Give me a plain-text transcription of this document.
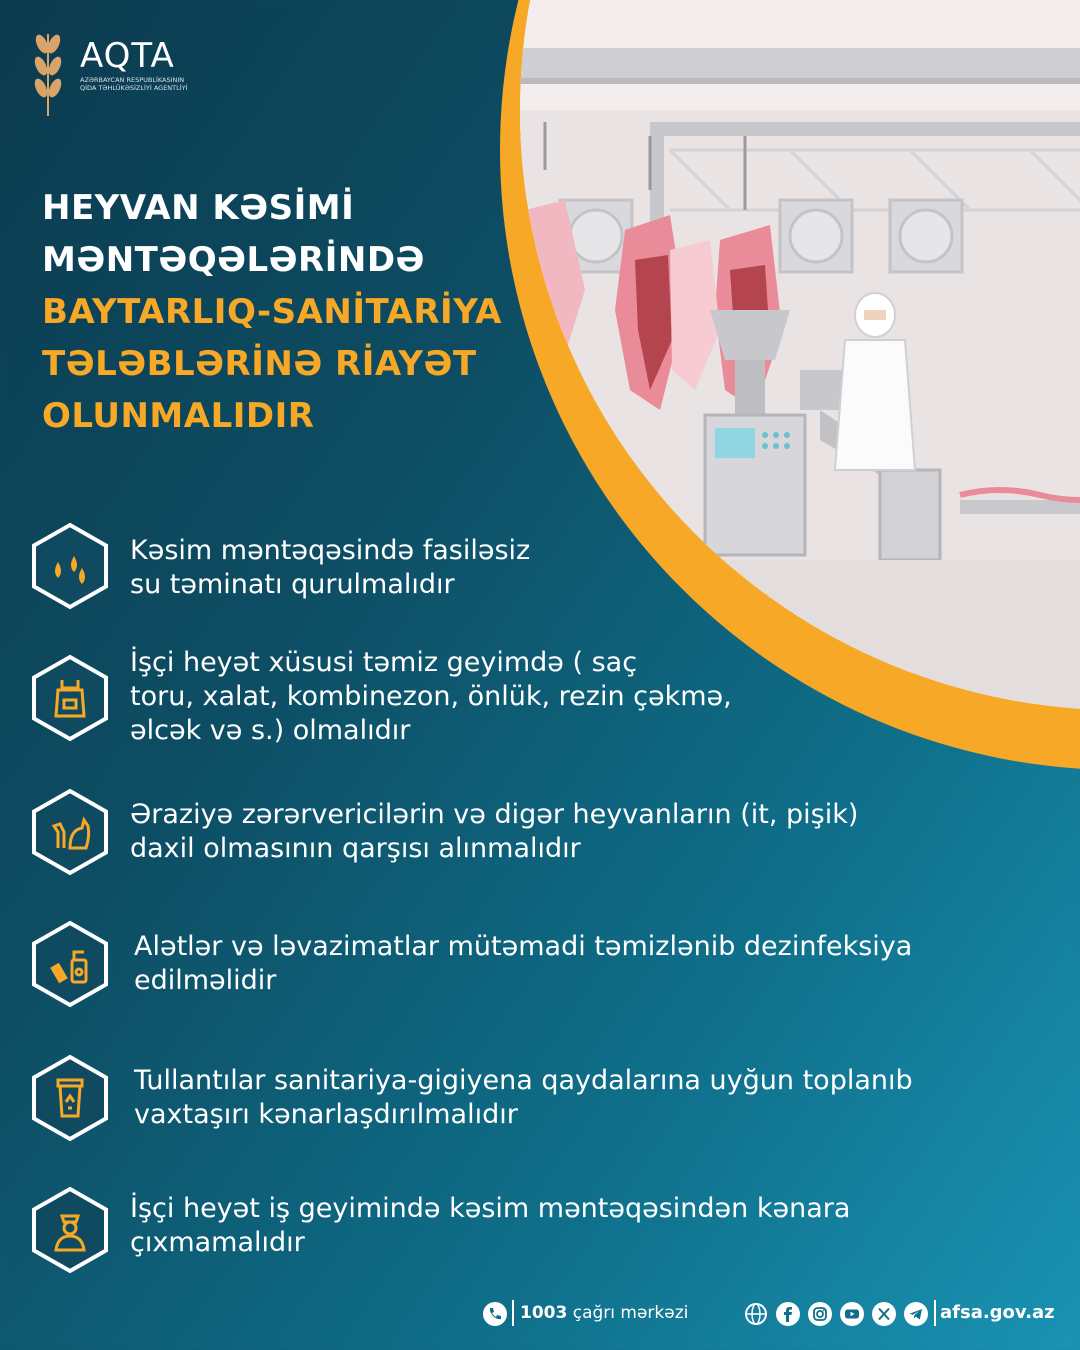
AQTA
AZƏRBAYCAN RESPUBLİKASININ QİDA TƏHLÜKƏSİZLİYİ AGENTLİYİ
HEYVAN KƏSİMİ
MƏNTƏQƏLƏRİNDƏ
BAYTARLIQ-SANİTARİYA
TƏLƏBLƏRİNƏ RİAYƏT
OLUNMALIDIR
Kəsim məntəqəsində fasiləsiz
su təminatı qurulmalıdır
İşçi heyət xüsusi təmiz geyimdə ( saç
toru, xalat, kombinezon, önlük, rezin çəkmə,
əlcək və s.) olmalıdır
Əraziyə zərərvericilərin və digər heyvanların (it, pişik)
daxil olmasının qarşısı alınmalıdır
Alətlər və ləvazimatlar mütəmadi təmizlənib dezinfeksiya
edilməlidir
Tullantılar sanitariya-gigiyena qaydalarına uyğun toplanıb
vaxtaşırı kənarlaşdırılmalıdır
İşçi heyət iş geyimində kəsim məntəqəsindən kənara
çıxmamalıdır
1003 çağrı mərkəzi	afsa.gov.az
